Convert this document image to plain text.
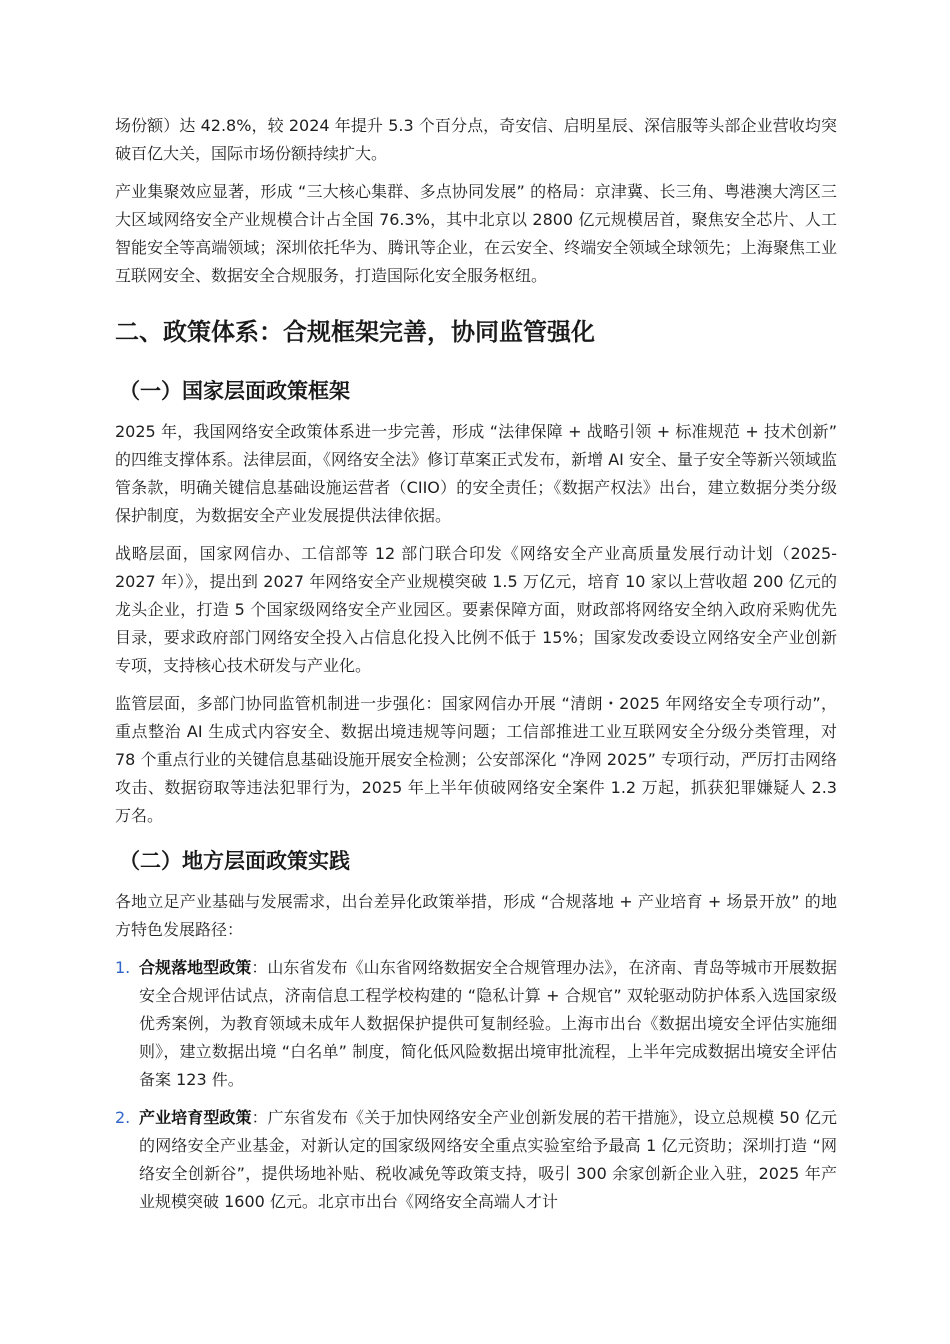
场份额）达 42.8%，较 2024 年提升 5.3 个百分点，奇安信、启明星辰、深信服等头部企业营收均突破百亿大关，国际市场份额持续扩大。

产业集聚效应显著，形成 “三大核心集群、多点协同发展” 的格局：京津冀、长三角、粤港澳大湾区三大区域网络安全产业规模合计占全国 76.3%，其中北京以 2800 亿元规模居首，聚焦安全芯片、人工智能安全等高端领域；深圳依托华为、腾讯等企业，在云安全、终端安全领域全球领先；上海聚焦工业互联网安全、数据安全合规服务，打造国际化安全服务枢纽。

二、政策体系：合规框架完善，协同监管强化
（一）国家层面政策框架

2025 年，我国网络安全政策体系进一步完善，形成 “法律保障 + 战略引领 + 标准规范 + 技术创新” 的四维支撑体系。法律层面，《网络安全法》修订草案正式发布，新增 AI 安全、量子安全等新兴领域监管条款，明确关键信息基础设施运营者（CIIO）的安全责任；《数据产权法》出台，建立数据分类分级保护制度，为数据安全产业发展提供法律依据。

战略层面，国家网信办、工信部等 12 部门联合印发《网络安全产业高质量发展行动计划（2025-2027 年）》，提出到 2027 年网络安全产业规模突破 1.5 万亿元，培育 10 家以上营收超 200 亿元的龙头企业，打造 5 个国家级网络安全产业园区。要素保障方面，财政部将网络安全纳入政府采购优先目录，要求政府部门网络安全投入占信息化投入比例不低于 15%；国家发改委设立网络安全产业创新专项，支持核心技术研发与产业化。

监管层面，多部门协同监管机制进一步强化：国家网信办开展 “清朗・2025 年网络安全专项行动”，重点整治 AI 生成式内容安全、数据出境违规等问题；工信部推进工业互联网安全分级分类管理，对 78 个重点行业的关键信息基础设施开展安全检测；公安部深化 “净网 2025” 专项行动，严厉打击网络攻击、数据窃取等违法犯罪行为，2025 年上半年侦破网络安全案件 1.2 万起，抓获犯罪嫌疑人 2.3 万名。

（二）地方层面政策实践

各地立足产业基础与发展需求，出台差异化政策举措，形成 “合规落地 + 产业培育 + 场景开放” 的地方特色发展路径：

1. 合规落地型政策：山东省发布《山东省网络数据安全合规管理办法》，在济南、青岛等城市开展数据安全合规评估试点，济南信息工程学校构建的 “隐私计算 + 合规官” 双轮驱动防护体系入选国家级优秀案例，为教育领域未成年人数据保护提供可复制经验。上海市出台《数据出境安全评估实施细则》，建立数据出境 “白名单” 制度，简化低风险数据出境审批流程，上半年完成数据出境安全评估备案 123 件。
2. 产业培育型政策：广东省发布《关于加快网络安全产业创新发展的若干措施》，设立总规模 50 亿元的网络安全产业基金，对新认定的国家级网络安全重点实验室给予最高 1 亿元资助；深圳打造 “网络安全创新谷”，提供场地补贴、税收减免等政策支持，吸引 300 余家创新企业入驻，2025 年产业规模突破 1600 亿元。北京市出台《网络安全高端人才计
